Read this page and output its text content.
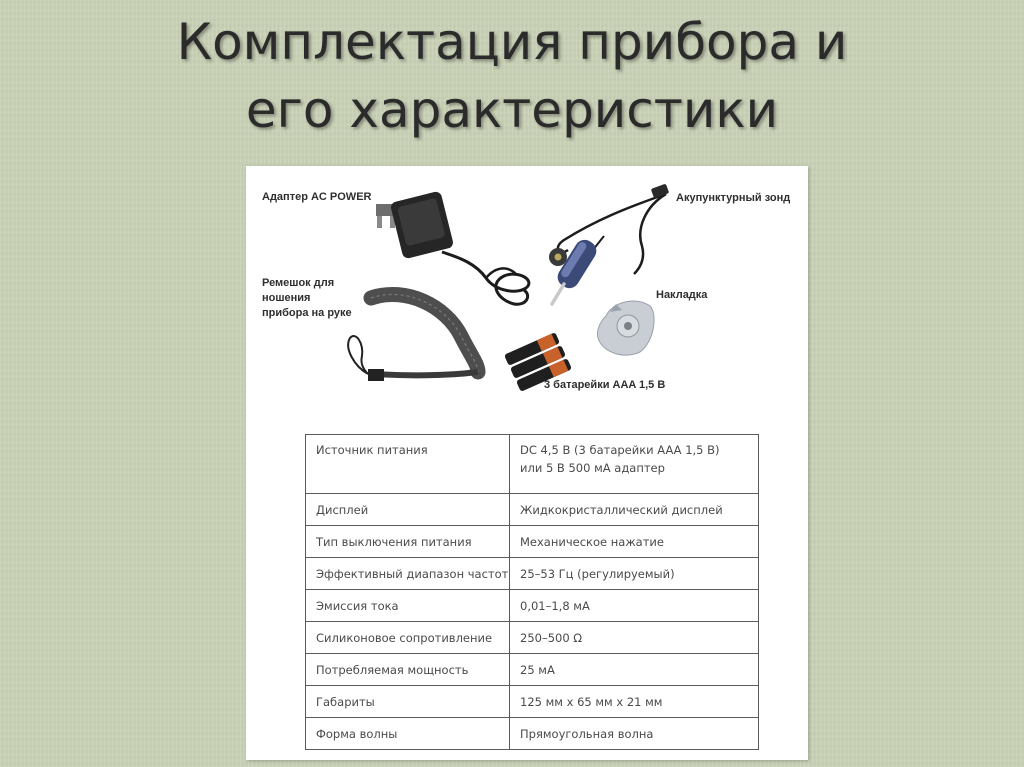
Комплектация прибора и
его характеристики
Адаптер AC POWER
Ремешок для ношения
прибора на руке
Акупунктурный зонд
Накладка
3 батарейки AAA 1,5 В
Источник питания	DC 4,5 В (3 батарейки AAA 1,5 В)
или 5 В 500 мА адаптер

Дисплей	Жидкокристаллический дисплей
Тип выключения питания	Механическое нажатие
Эффективный диапазон частот	25–53 Гц (регулируемый)
Эмиссия тока	0,01–1,8 мА
Силиконовое сопротивление	250–500 Ω
Потребляемая мощность	25 мА
Габариты	125 мм x 65 мм x 21 мм
Форма волны	Прямоугольная волна
